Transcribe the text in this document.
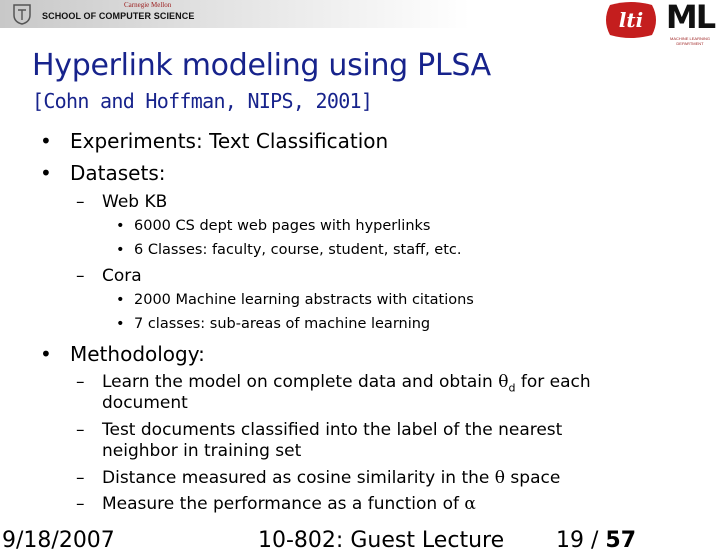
Carnegie Mellon
SCHOOL OF COMPUTER SCIENCE	lti ML
MACHINE LEARNING DEPARTMENT
Hyperlink modeling using PLSA
[Cohn and Hoffman, NIPS, 2001]
• Experiments: Text Classification
• Datasets:
– Web KB
• 6000 CS dept web pages with hyperlinks
• 6 Classes: faculty, course, student, staff, etc.
– Cora
• 2000 Machine learning abstracts with citations
• 7 classes: sub-areas of machine learning
• Methodology:
– Learn the model on complete data and obtain $\theta_d$ for each
document
– Test documents classified into the label of the nearest
neighbor in training set
– Distance measured as cosine similarity in the θ space
– Measure the performance as a function of α
9/18/2007	10-802: Guest Lecture 19 / 57
